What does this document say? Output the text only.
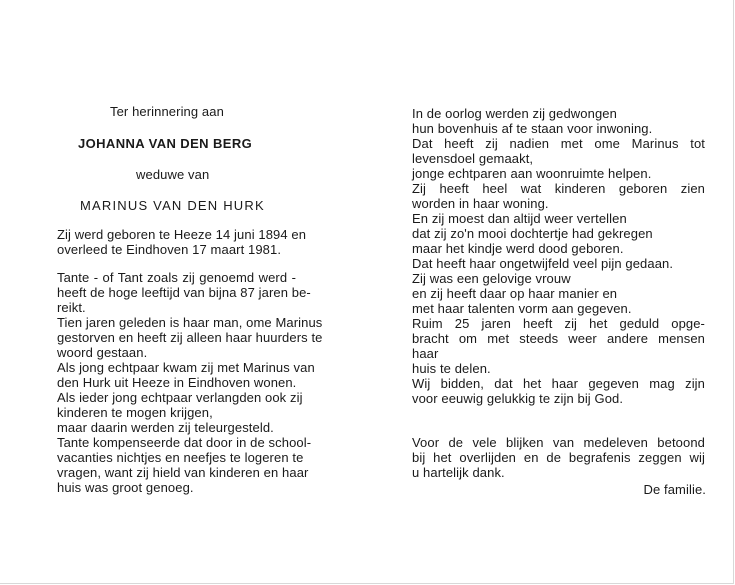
Ter herinnering aan
JOHANNA VAN DEN BERG
weduwe van
MARINUS VAN DEN HURK
Zij werd geboren te Heeze 14 juni 1894 en
overleed te Eindhoven 17 maart 1981.
Tante - of Tant zoals zij genoemd werd -
heeft de hoge leeftijd van bijna 87 jaren be-
reikt.
Tien jaren geleden is haar man, ome Marinus
gestorven en heeft zij alleen haar huurders te
woord gestaan.
Als jong echtpaar kwam zij met Marinus van
den Hurk uit Heeze in Eindhoven wonen.
Als ieder jong echtpaar verlangden ook zij
kinderen te mogen krijgen,
maar daarin werden zij teleurgesteld.
Tante kompenseerde dat door in de school-
vacanties nichtjes en neefjes te logeren te
vragen, want zij hield van kinderen en haar
huis was groot genoeg.
In de oorlog werden zij gedwongen
hun bovenhuis af te staan voor inwoning.
Dat heeft zij nadien met ome Marinus tot
levensdoel gemaakt,
jonge echtparen aan woonruimte helpen.
Zij heeft heel wat kinderen geboren zien
worden in haar woning.
En zij moest dan altijd weer vertellen
dat zij zo'n mooi dochtertje had gekregen
maar het kindje werd dood geboren.
Dat heeft haar ongetwijfeld veel pijn gedaan.
Zij was een gelovige vrouw
en zij heeft daar op haar manier en
met haar talenten vorm aan gegeven.
Ruim 25 jaren heeft zij het geduld opge-
bracht om met steeds weer andere mensen
haar
huis te delen.
Wij bidden, dat het haar gegeven mag zijn
voor eeuwig gelukkig te zijn bij God.
Voor de vele blijken van medeleven betoond
bij het overlijden en de begrafenis zeggen wij
u hartelijk dank.
De familie.
